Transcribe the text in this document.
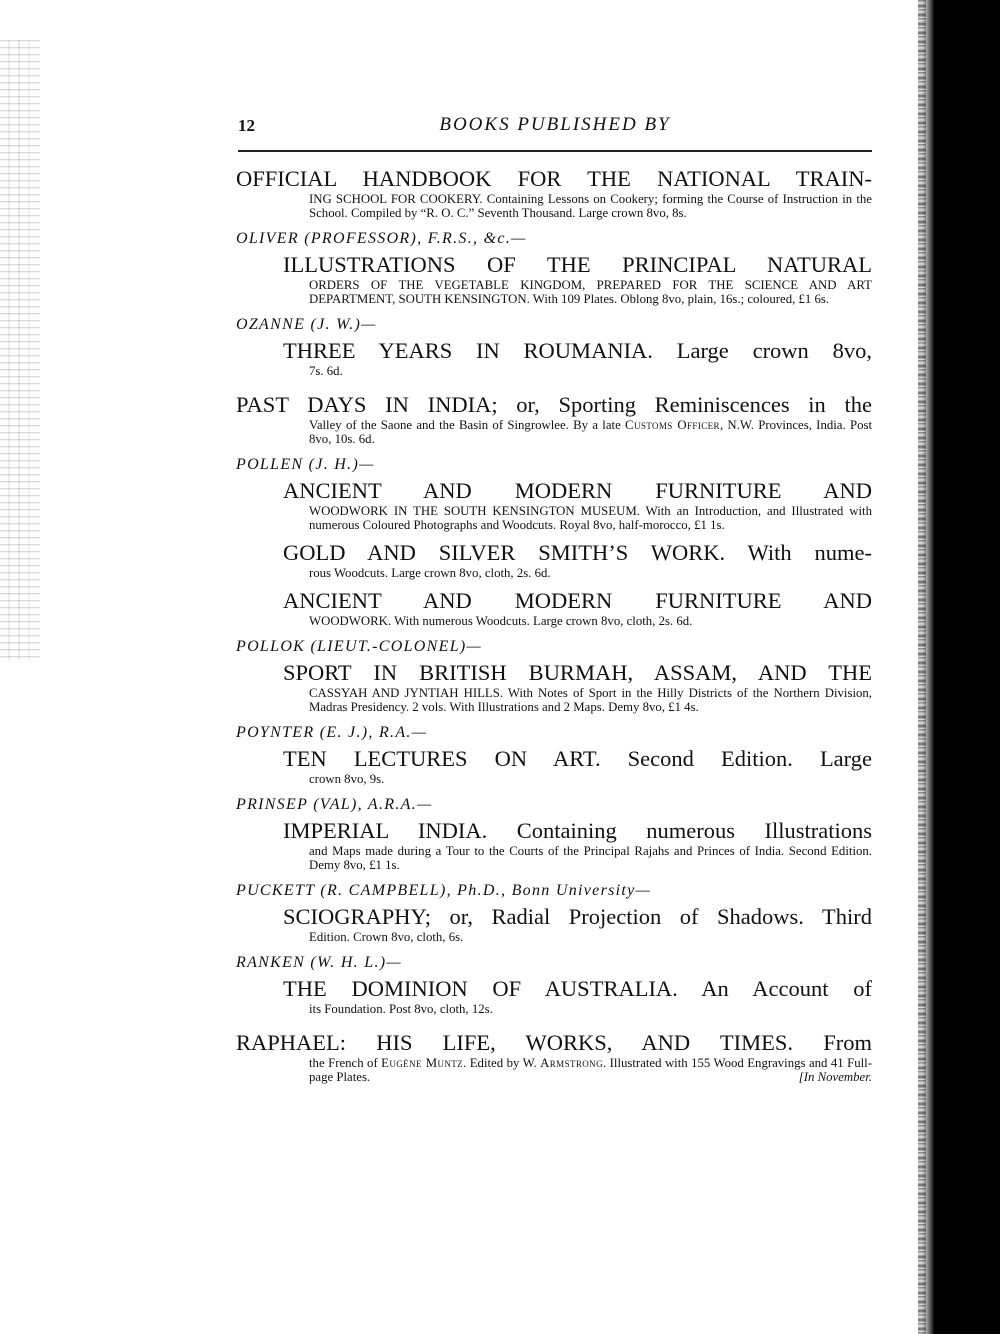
12	BOOKS PUBLISHED BY
OFFICIAL HANDBOOK FOR THE NATIONAL TRAIN-
ING SCHOOL FOR COOKERY. Containing Lessons on Cookery; forming the Course of Instruction in the School. Compiled by “R. O. C.” Seventh Thousand. Large crown 8vo, 8s.
OLIVER (PROFESSOR), F.R.S., &c.—
ILLUSTRATIONS OF THE PRINCIPAL NATURAL
ORDERS OF THE VEGETABLE KINGDOM, PREPARED FOR THE SCIENCE AND ART DEPARTMENT, SOUTH KENSINGTON. With 109 Plates. Oblong 8vo, plain, 16s.; coloured, £1 6s.
OZANNE (J. W.)—
THREE YEARS IN ROUMANIA. Large crown 8vo,
7s. 6d.
PAST DAYS IN INDIA; or, Sporting Reminiscences in the
Valley of the Saone and the Basin of Singrowlee. By a late Customs Officer, N.W. Provinces, India. Post 8vo, 10s. 6d.
POLLEN (J. H.)—
ANCIENT AND MODERN FURNITURE AND
WOODWORK IN THE SOUTH KENSINGTON MUSEUM. With an Introduction, and Illustrated with numerous Coloured Photographs and Woodcuts. Royal 8vo, half-morocco, £1 1s.
GOLD AND SILVER SMITH’S WORK. With nume-
rous Woodcuts. Large crown 8vo, cloth, 2s. 6d.
ANCIENT AND MODERN FURNITURE AND
WOODWORK. With numerous Woodcuts. Large crown 8vo, cloth, 2s. 6d.
POLLOK (LIEUT.-COLONEL)—
SPORT IN BRITISH BURMAH, ASSAM, AND THE
CASSYAH AND JYNTIAH HILLS. With Notes of Sport in the Hilly Districts of the Northern Division, Madras Presidency. 2 vols. With Illustrations and 2 Maps. Demy 8vo, £1 4s.
POYNTER (E. J.), R.A.—
TEN LECTURES ON ART. Second Edition. Large
crown 8vo, 9s.
PRINSEP (VAL), A.R.A.—
IMPERIAL INDIA. Containing numerous Illustrations
and Maps made during a Tour to the Courts of the Principal Rajahs and Princes of India. Second Edition. Demy 8vo, £1 1s.
PUCKETT (R. CAMPBELL), Ph.D., Bonn University—
SCIOGRAPHY; or, Radial Projection of Shadows. Third
Edition. Crown 8vo, cloth, 6s.
RANKEN (W. H. L.)—
THE DOMINION OF AUSTRALIA. An Account of
its Foundation. Post 8vo, cloth, 12s.
RAPHAEL: HIS LIFE, WORKS, AND TIMES. From
the French of Eugène Muntz. Edited by W. Armstrong. Illustrated with 155 Wood Engravings and 41 Full-page Plates.	[In November.
